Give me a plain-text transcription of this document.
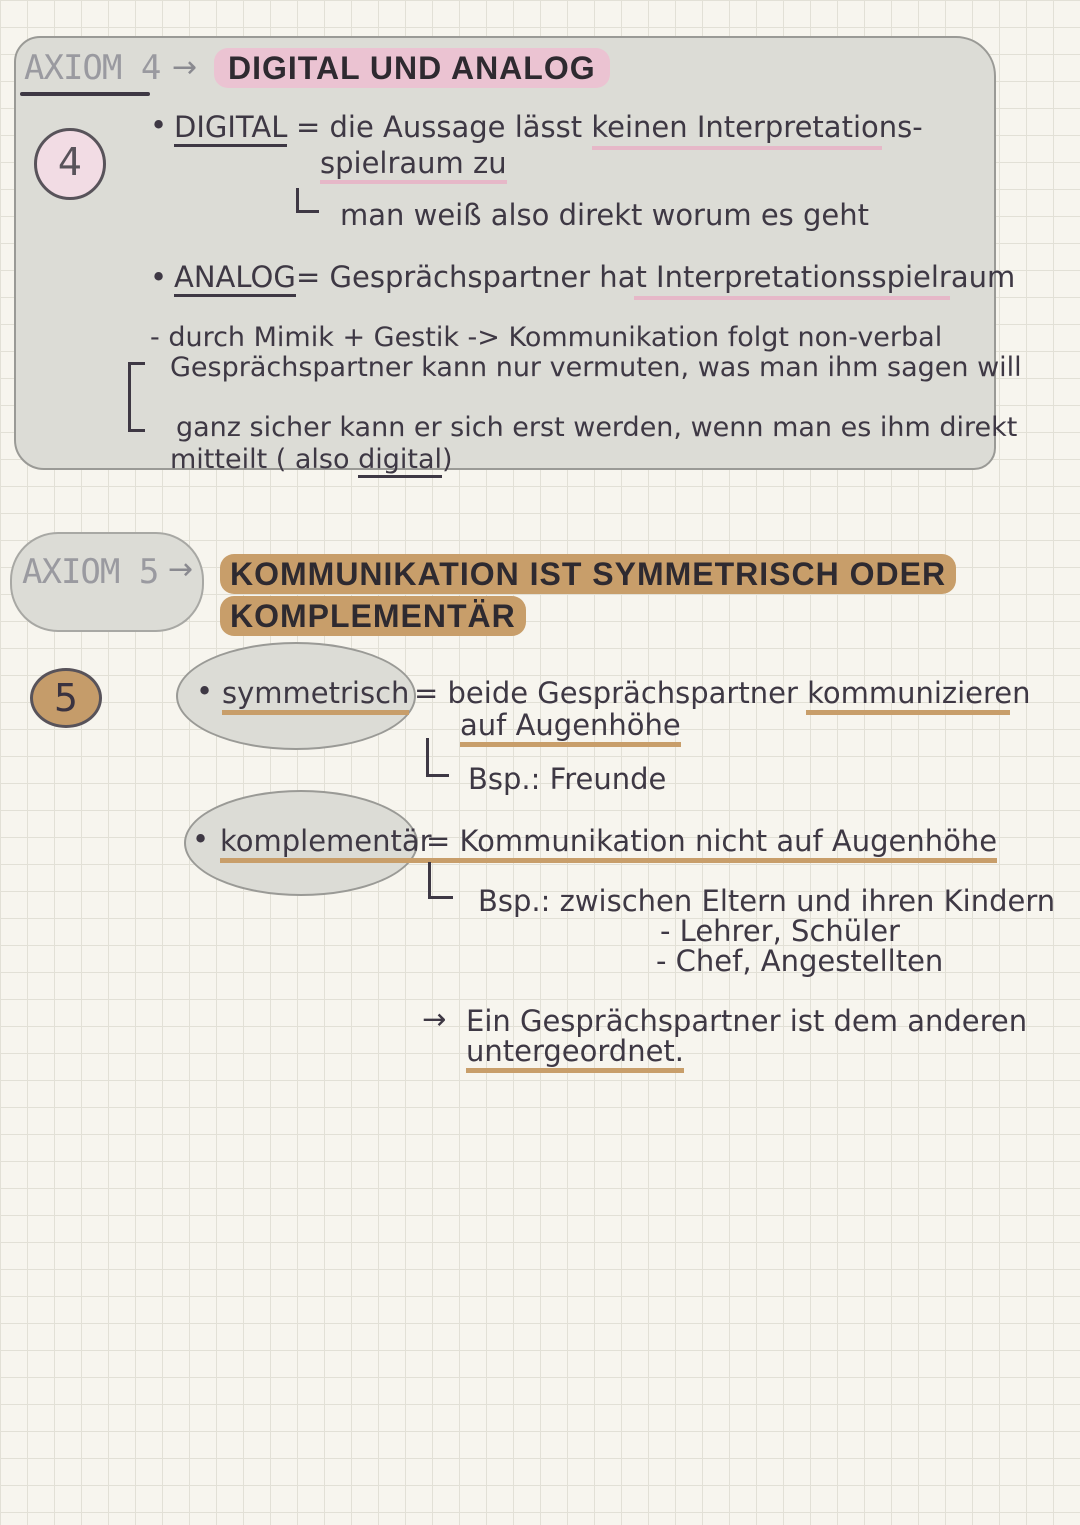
AXIOM 4 → DIGITAL UND ANALOG
4
• DIGITAL = die Aussage lässt keinen Interpretations-
spielraum zu
man weiß also direkt worum es geht
• ANALOG = Gesprächspartner hat Interpretationsspielraum
- durch Mimik + Gestik -> Kommunikation folgt non-verbal
Gesprächspartner kann nur vermuten, was man ihm sagen will
ganz sicher kann er sich erst werden, wenn man es ihm direkt
mitteilt ( also digital)
AXIOM 5 →	KOMMUNIKATION IST SYMMETRISCH ODER
KOMPLEMENTÄR
5	• symmetrisch = beide Gesprächspartner kommunizieren
auf Augenhöhe
Bsp.: Freunde
• komplementär
= Kommunikation nicht auf Augenhöhe
Bsp.: zwischen Eltern und ihren Kindern
- Lehrer, Schüler
- Chef, Angestellten
→ Ein Gesprächspartner ist dem anderen
untergeordnet.
